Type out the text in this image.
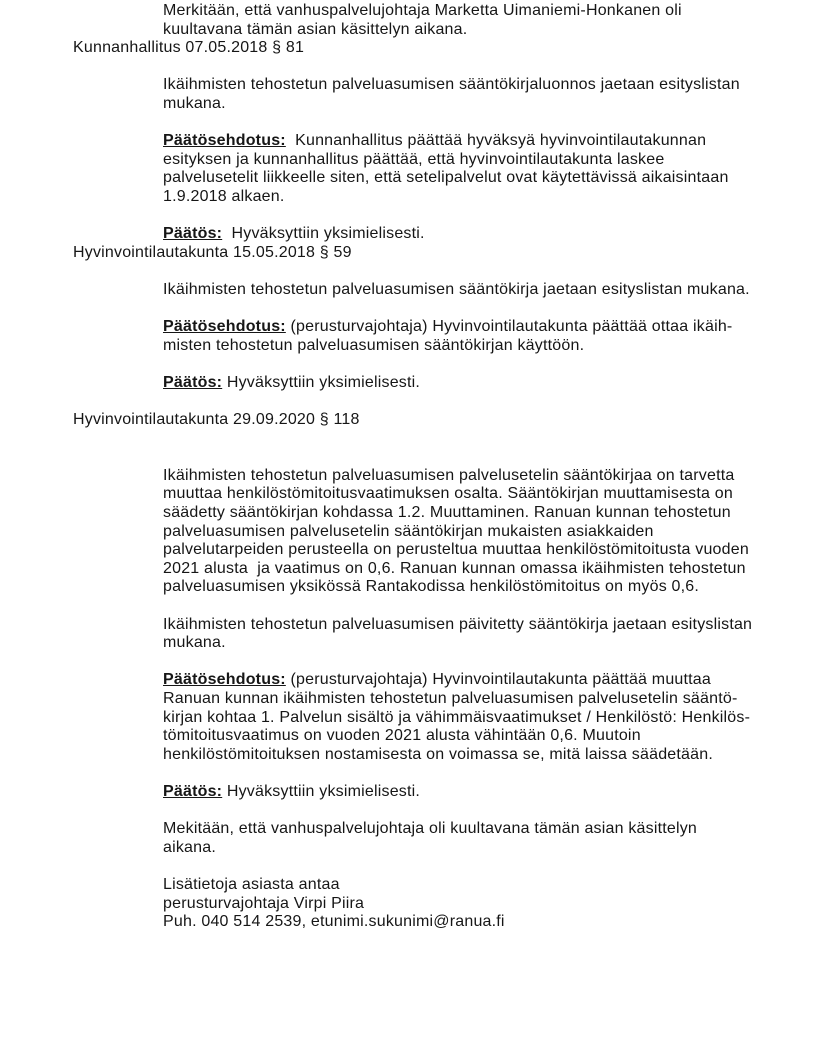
Merkitään, että vanhuspalvelujohtaja Marketta Uimaniemi-Honkanen oli
kuultavana tämän asian käsittelyn aikana.
Kunnanhallitus 07.05.2018 § 81

Ikäihmisten tehostetun palveluasumisen sääntökirjaluonnos jaetaan esityslistan
mukana.

Päätösehdotus:  Kunnanhallitus päättää hyväksyä hyvinvointilautakunnan
esityksen ja kunnanhallitus päättää, että hyvinvointilautakunta laskee
palvelusetelit liikkeelle siten, että setelipalvelut ovat käytettävissä aikaisintaan
1.9.2018 alkaen.

Päätös:  Hyväksyttiin yksimielisesti.
Hyvinvointilautakunta 15.05.2018 § 59

Ikäihmisten tehostetun palveluasumisen sääntökirja jaetaan esityslistan mukana.

Päätösehdotus: (perusturvajohtaja) Hyvinvointilautakunta päättää ottaa ikäih-
misten tehostetun palveluasumisen sääntökirjan käyttöön.

Päätös: Hyväksyttiin yksimielisesti.

Hyvinvointilautakunta 29.09.2020 § 118

Ikäihmisten tehostetun palveluasumisen palvelusetelin sääntökirjaa on tarvetta
muuttaa henkilöstömitoitusvaatimuksen osalta. Sääntökirjan muuttamisesta on
säädetty sääntökirjan kohdassa 1.2. Muuttaminen. Ranuan kunnan tehostetun
palveluasumisen palvelusetelin sääntökirjan mukaisten asiakkaiden
palvelutarpeiden perusteella on perusteltua muuttaa henkilöstömitoitusta vuoden
2021 alusta  ja vaatimus on 0,6. Ranuan kunnan omassa ikäihmisten tehostetun
palveluasumisen yksikössä Rantakodissa henkilöstömitoitus on myös 0,6.

Ikäihmisten tehostetun palveluasumisen päivitetty sääntökirja jaetaan esityslistan
mukana.

Päätösehdotus: (perusturvajohtaja) Hyvinvointilautakunta päättää muuttaa
Ranuan kunnan ikäihmisten tehostetun palveluasumisen palvelusetelin sääntö-
kirjan kohtaa 1. Palvelun sisältö ja vähimmäisvaatimukset / Henkilöstö: Henkilös-
tömitoitusvaatimus on vuoden 2021 alusta vähintään 0,6. Muutoin
henkilöstömitoituksen nostamisesta on voimassa se, mitä laissa säädetään.

Päätös: Hyväksyttiin yksimielisesti.

Mekitään, että vanhuspalvelujohtaja oli kuultavana tämän asian käsittelyn
aikana.

Lisätietoja asiasta antaa
perusturvajohtaja Virpi Piira
Puh. 040 514 2539, etunimi.sukunimi@ranua.fi
